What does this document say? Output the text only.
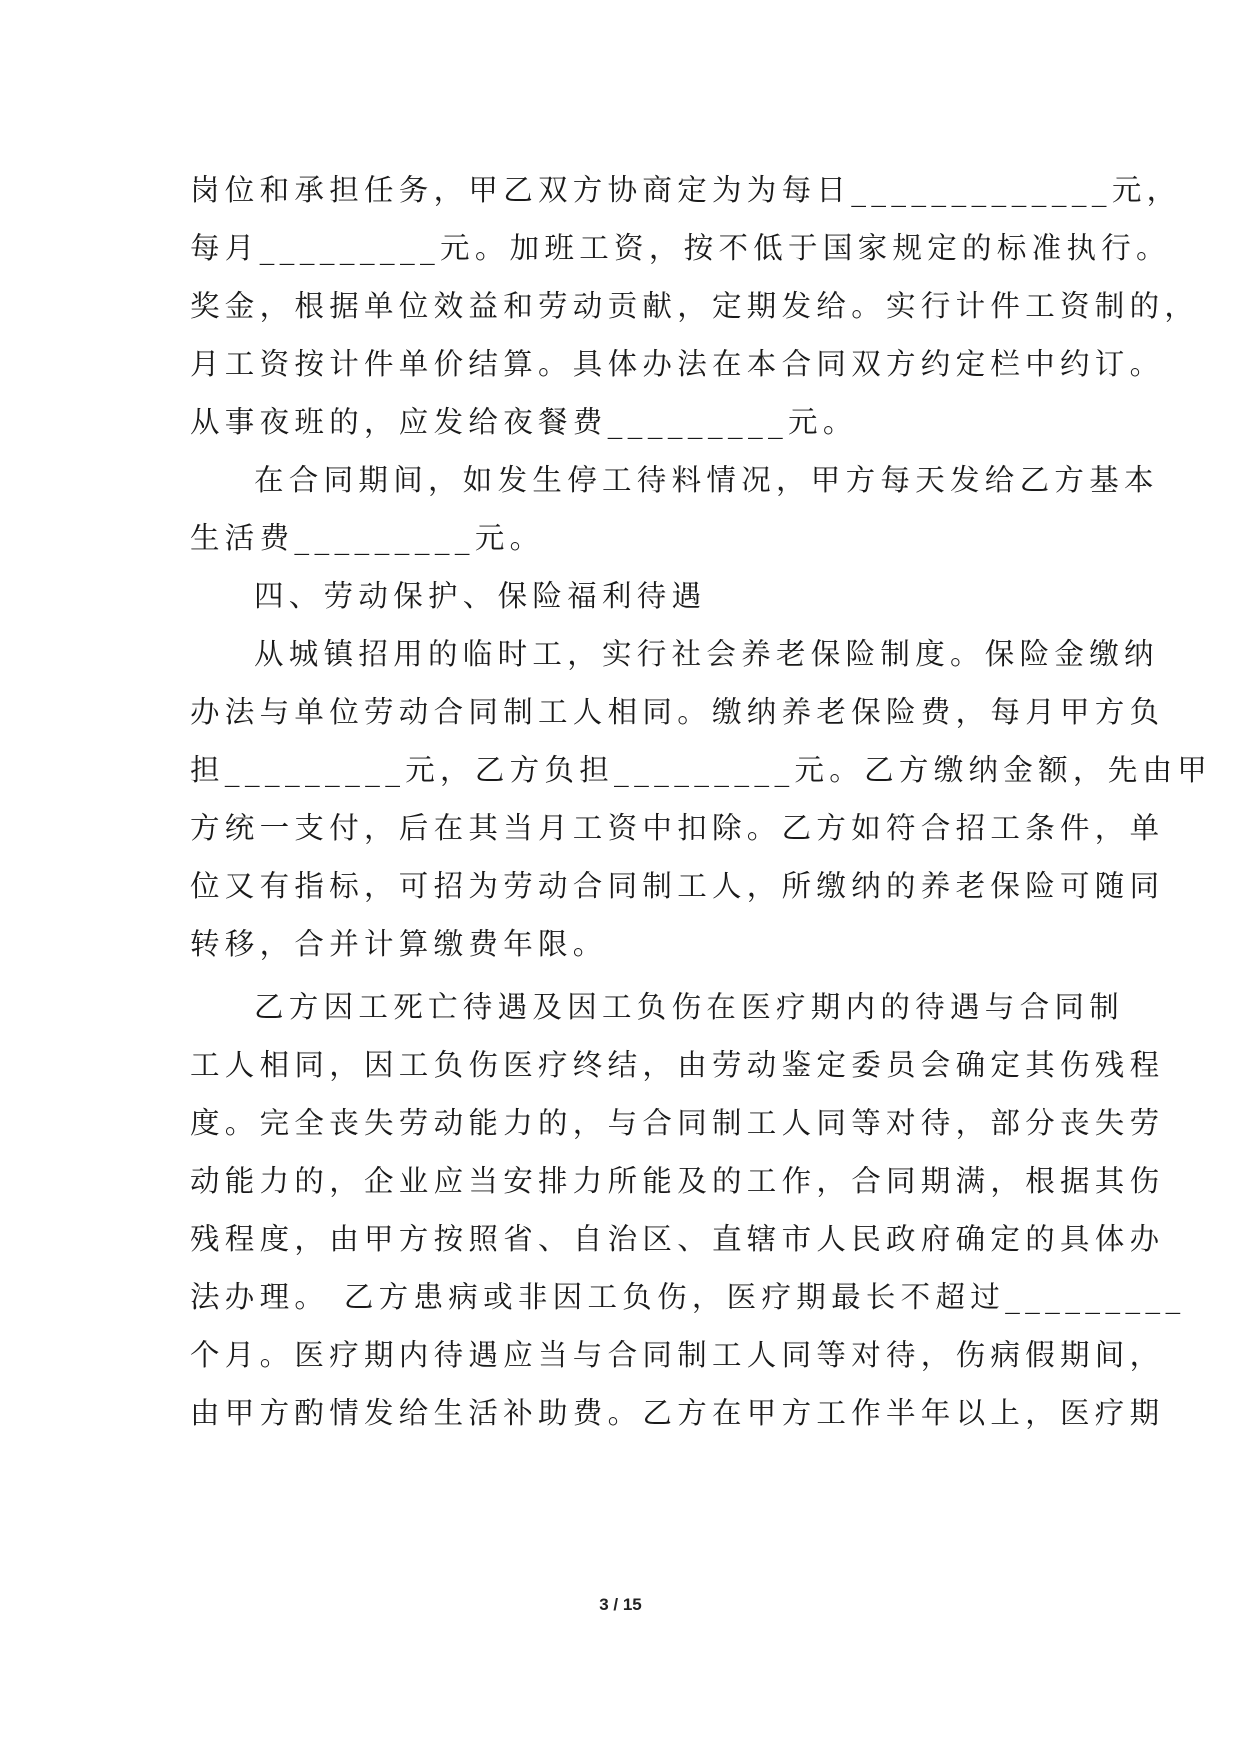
岗位和承担任务，甲乙双方协商定为为每日_____________元，
每月_________元。加班工资，按不低于国家规定的标准执行。
奖金，根据单位效益和劳动贡献，定期发给。实行计件工资制的，
月工资按计件单价结算。具体办法在本合同双方约定栏中约订。
从事夜班的，应发给夜餐费_________元。
在合同期间，如发生停工待料情况，甲方每天发给乙方基本
生活费_________元。
四、劳动保护、保险福利待遇
从城镇招用的临时工，实行社会养老保险制度。保险金缴纳
办法与单位劳动合同制工人相同。缴纳养老保险费，每月甲方负
担_________元，乙方负担_________元。乙方缴纳金额，先由甲
方统一支付，后在其当月工资中扣除。乙方如符合招工条件，单
位又有指标，可招为劳动合同制工人，所缴纳的养老保险可随同
转移，合并计算缴费年限。
乙方因工死亡待遇及因工负伤在医疗期内的待遇与合同制
工人相同，因工负伤医疗终结，由劳动鉴定委员会确定其伤残程
度。完全丧失劳动能力的，与合同制工人同等对待，部分丧失劳
动能力的，企业应当安排力所能及的工作，合同期满，根据其伤
残程度，由甲方按照省、自治区、直辖市人民政府确定的具体办
法办理。 乙方患病或非因工负伤，医疗期最长不超过_________
个月。医疗期内待遇应当与合同制工人同等对待，伤病假期间，
由甲方酌情发给生活补助费。乙方在甲方工作半年以上，医疗期
3 / 15
